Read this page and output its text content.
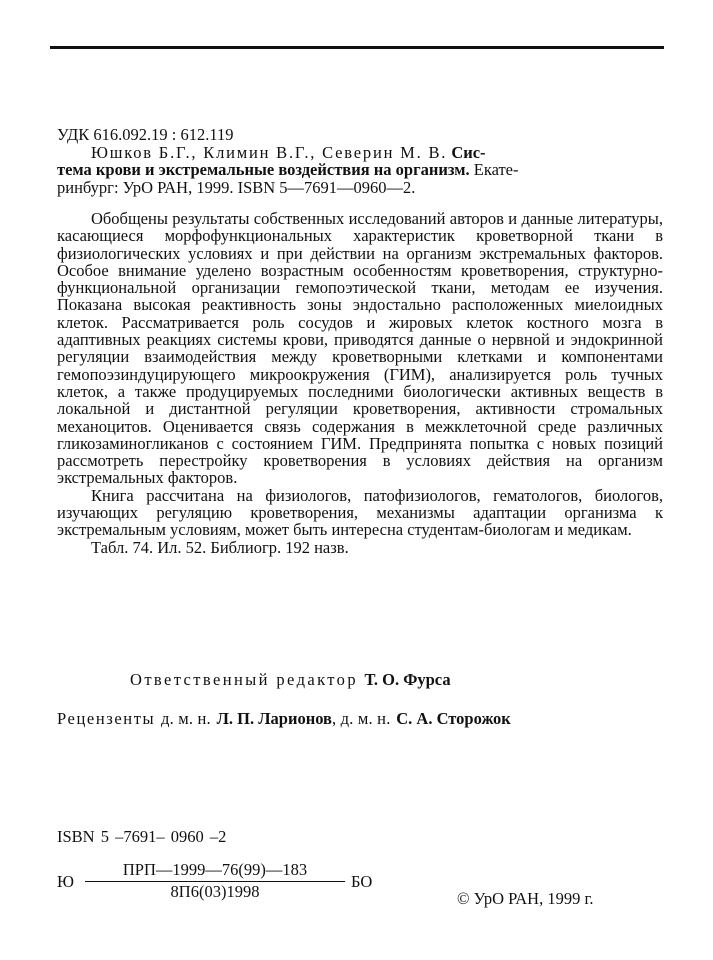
УДК 616.092.19 : 612.119
Юшков Б.Г., Климин В.Г., Северин М. В. Сис-
тема крови и экстремальные воздействия на организм. Екате-
ринбург: УрО РАН, 1999. ISBN 5—7691—0960—2.

Обобщены результаты собственных исследований авторов и данные литературы, касающиеся морфофункциональных характеристик кроветворной ткани в физиологических условиях и при действии на организм экстремальных факторов. Особое внимание уделено возрастным особенностям кроветворения, структурно-функциональной организации гемопоэтической ткани, методам ее изучения. Показана высокая реактивность зоны эндостально расположенных миелоидных клеток. Рассматривается роль сосудов и жировых клеток костного мозга в адаптивных реакциях системы крови, приводятся данные о нервной и эндокринной регуляции взаимодействия между кроветворными клетками и компонентами гемопоэзиндуцирующего микроокружения (ГИМ), анализируется роль тучных клеток, а также продуцируемых последними биологически активных веществ в локальной и дистантной регуляции кроветворения, активности стромальных механоцитов. Оценивается связь содержания в межклеточной среде различных гликозаминогликанов с состоянием ГИМ. Предпринята попытка с новых позиций рассмотреть перестройку кроветворения в условиях действия на организм экстремальных факторов.

Книга рассчитана на физиологов, патофизиологов, гематологов, биологов, изучающих регуляцию кроветворения, механизмы адаптации организма к экстремальным условиям, может быть интересна студентам-биологам и медикам.

Табл. 74. Ил. 52. Библиогр. 192 назв.

Ответственный редактор Т. О. Фурса
Рецензенты д. м. н. Л. П. Ларионов, д. м. н. С. А. Сторожок
ISBN 5 –7691– 0960 –2
Ю
ПРП—1999—76(99)—183
8П6(03)1998
БО
© УрО РАН, 1999 г.
